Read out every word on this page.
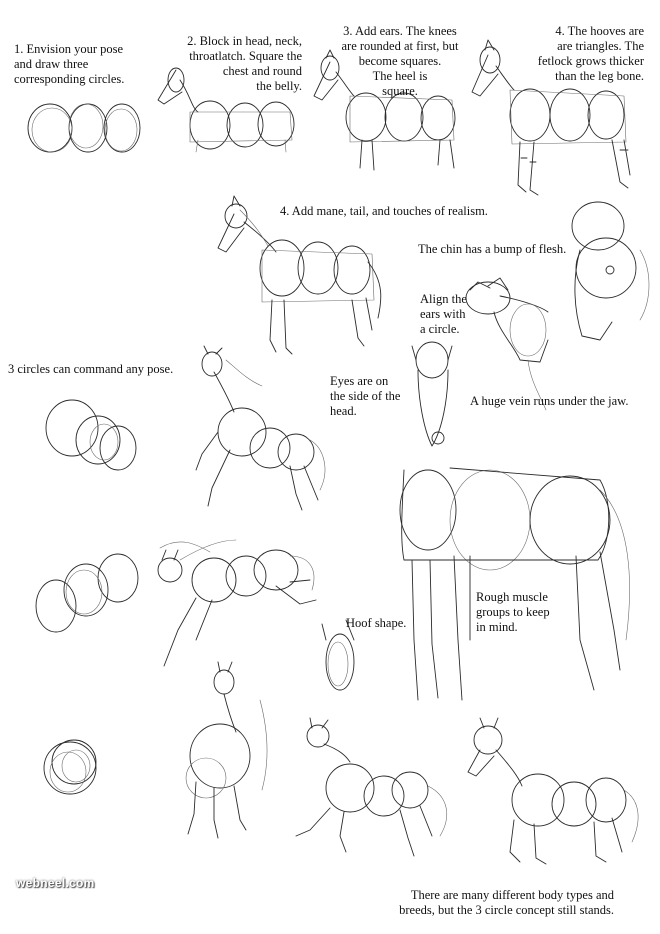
1. Envision your pose
and draw three
corresponding circles.
2. Block in head, neck,
throatlatch. Square the
chest and round
the belly.
3. Add ears. The knees
are rounded at first, but
become squares.
The heel is
square.
4. The hooves are
are triangles. The
fetlock grows thicker
than the leg bone.
4. Add mane, tail, and touches of realism.
The chin has a bump of flesh.
Align the
ears with
a circle.
3 circles can command any pose.
Eyes are on
the side of the
head.
A huge vein runs under the jaw.
Rough muscle
groups to keep
in mind.
Hoof shape.
There are many different body types and
breeds, but the 3 circle concept still stands.
webneel.com
